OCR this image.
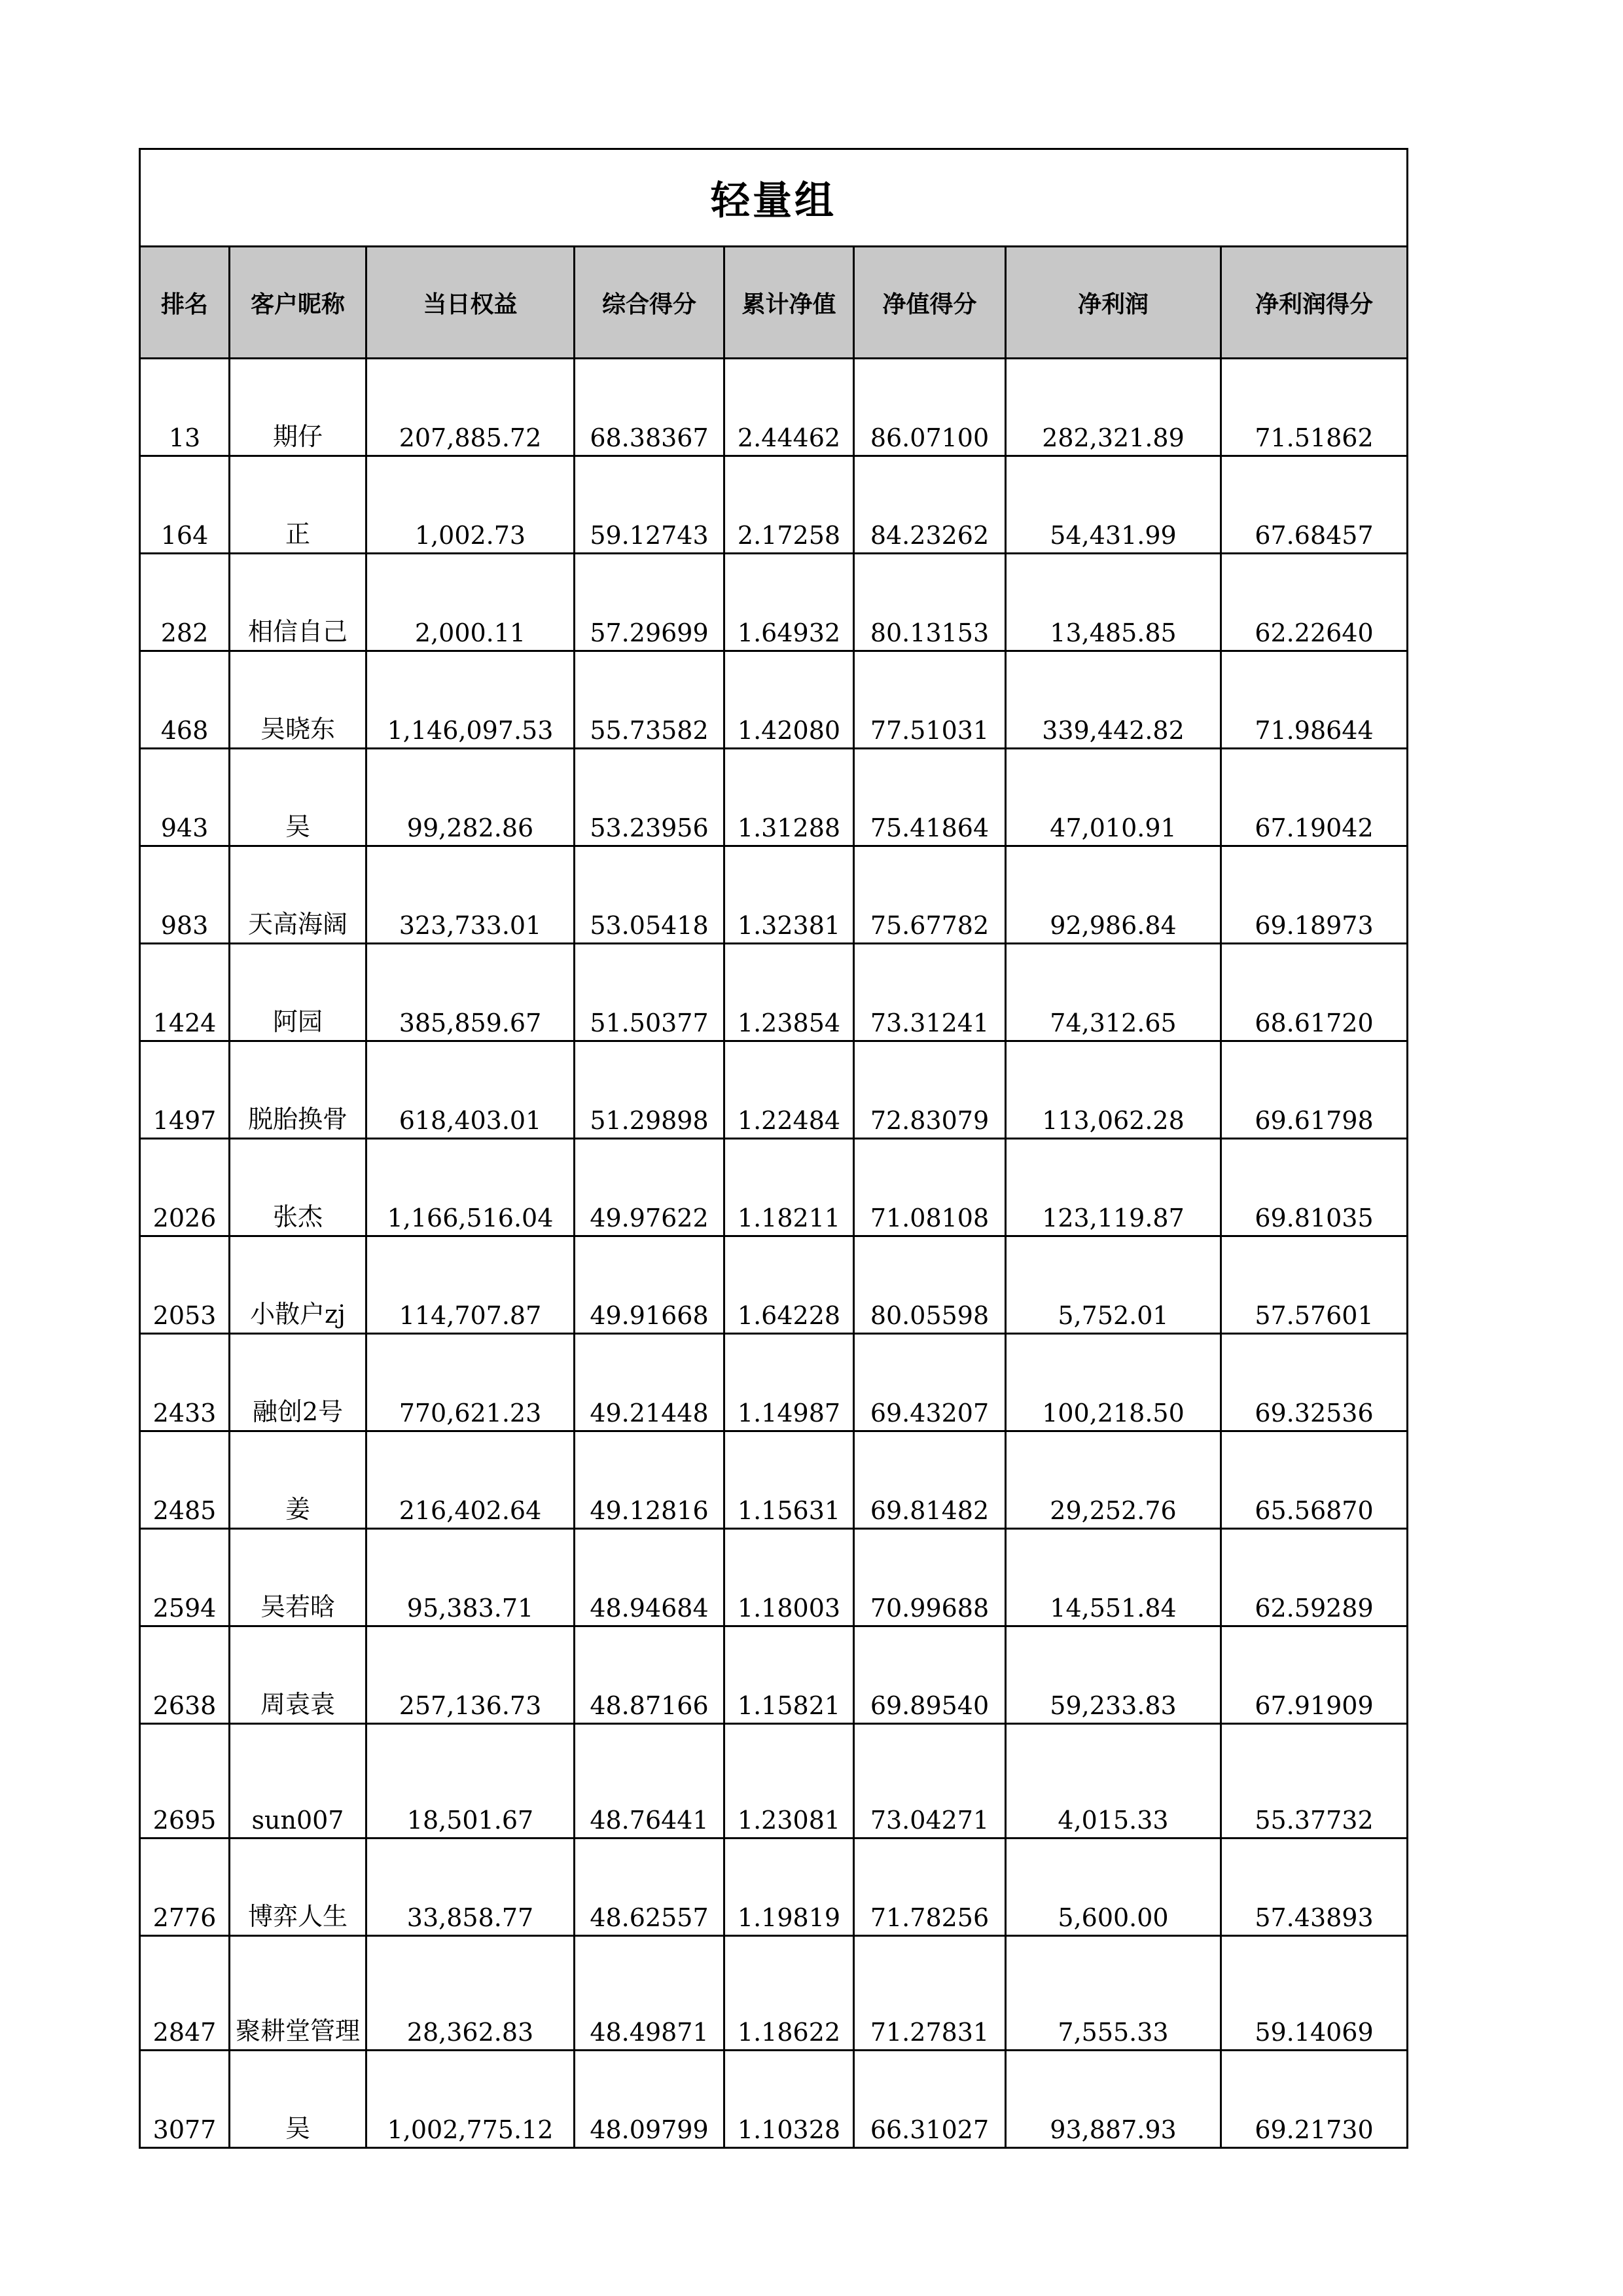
轻量组							
排名	客户昵称	当日权益	综合得分	累计净值	净值得分	净利润	净利润得分
13	期仔	207,885.72	68.38367	2.44462	86.07100	282,321.89	71.51862
164	正	1,002.73	59.12743	2.17258	84.23262	54,431.99	67.68457
282	相信自己	2,000.11	57.29699	1.64932	80.13153	13,485.85	62.22640
468	吴晓东	1,146,097.53	55.73582	1.42080	77.51031	339,442.82	71.98644
943	吴	99,282.86	53.23956	1.31288	75.41864	47,010.91	67.19042
983	天高海阔	323,733.01	53.05418	1.32381	75.67782	92,986.84	69.18973
1424	阿园	385,859.67	51.50377	1.23854	73.31241	74,312.65	68.61720
1497	脱胎换骨	618,403.01	51.29898	1.22484	72.83079	113,062.28	69.61798
2026	张杰	1,166,516.04	49.97622	1.18211	71.08108	123,119.87	69.81035
2053	小散户zj	114,707.87	49.91668	1.64228	80.05598	5,752.01	57.57601
2433	融创2号	770,621.23	49.21448	1.14987	69.43207	100,218.50	69.32536
2485	姜	216,402.64	49.12816	1.15631	69.81482	29,252.76	65.56870
2594	吴若晗	95,383.71	48.94684	1.18003	70.99688	14,551.84	62.59289
2638	周袁袁	257,136.73	48.87166	1.15821	69.89540	59,233.83	67.91909
2695	sun007	18,501.67	48.76441	1.23081	73.04271	4,015.33	55.37732
2776	博弈人生	33,858.77	48.62557	1.19819	71.78256	5,600.00	57.43893
2847	聚耕堂管理	28,362.83	48.49871	1.18622	71.27831	7,555.33	59.14069
3077	吴	1,002,775.12	48.09799	1.10328	66.31027	93,887.93	69.21730
